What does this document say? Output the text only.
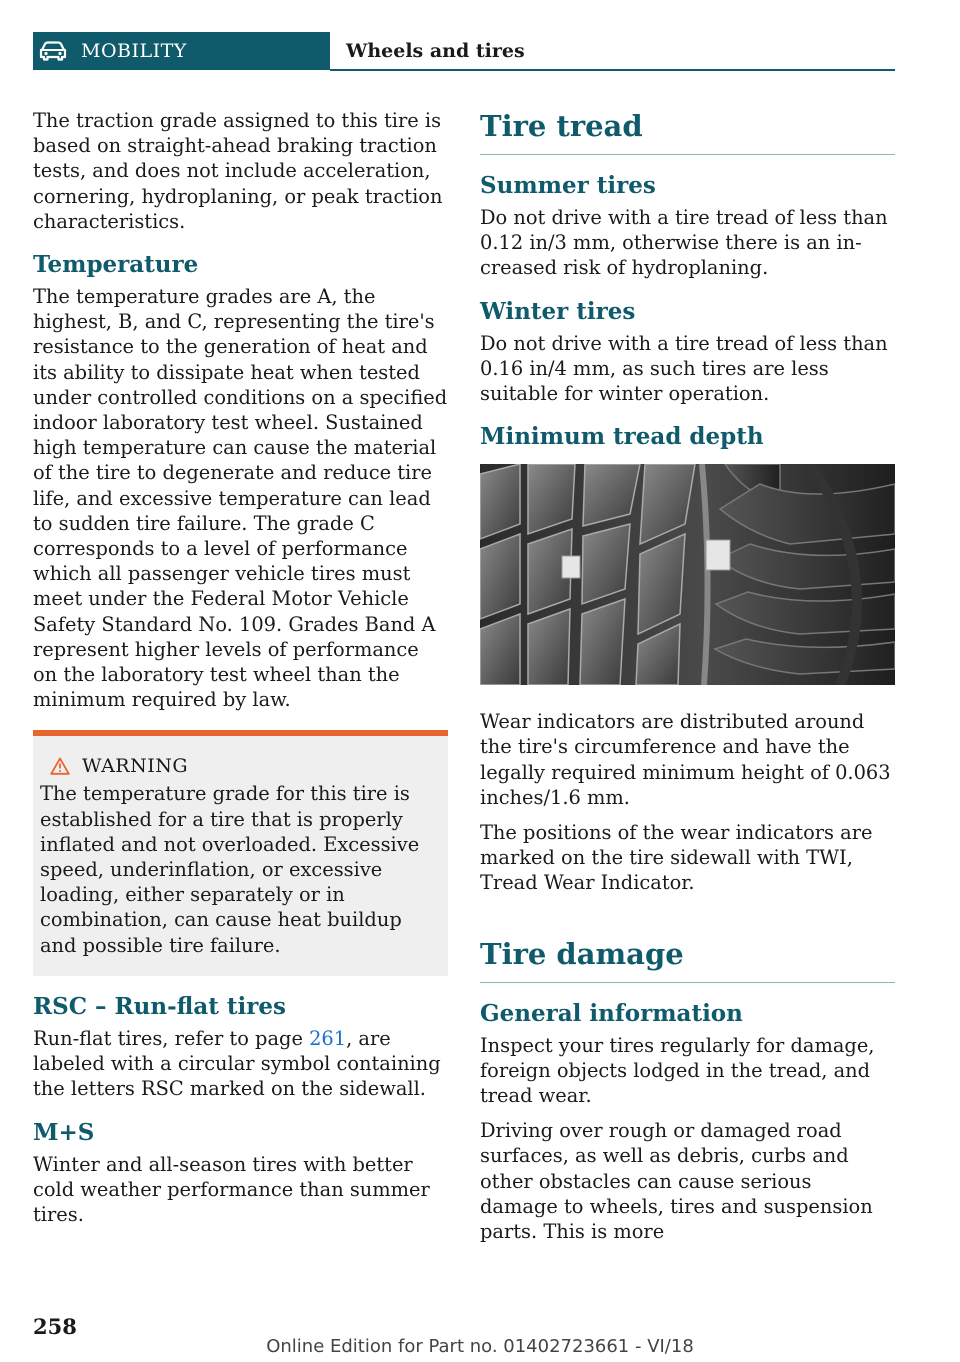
MOBILITY	Wheels and tires

The traction grade assigned to this tire is based on straight-ahead braking traction tests, and does not include acceleration, cornering, hydroplaning, or peak traction characteristics.

Temperature

The temperature grades are A, the highest, B, and C, representing the tire's resistance to the generation of heat and its ability to dissipate heat when tested under controlled conditions on a specified indoor laboratory test wheel. Sustained high temperature can cause the material of the tire to degenerate and reduce tire life, and excessive temperature can lead to sudden tire failure. The grade C corresponds to a level of performance which all passenger vehicle tires must meet under the Federal Motor Vehicle Safety Standard No. 109. Grades Band A represent higher levels of performance on the laboratory test wheel than the minimum required by law.

WARNING

The temperature grade for this tire is established for a tire that is properly inflated and not overloaded. Excessive speed, underinflation, or excessive loading, either separately or in combination, can cause heat buildup and possible tire failure.

RSC – Run-flat tires

Run-flat tires, refer to page 261, are labeled with a circular symbol containing the letters RSC marked on the sidewall.

M+S

Winter and all-season tires with better cold weather performance than summer tires.

Tire tread
Summer tires

Do not drive with a tire tread of less than 0.12 in/3 mm, otherwise there is an increased risk of hydroplaning.

Winter tires

Do not drive with a tire tread of less than 0.16 in/4 mm, as such tires are less suitable for winter operation.

Minimum tread depth

Wear indicators are distributed around the tire's circumference and have the legally required minimum height of 0.063 inches/1.6 mm.

The positions of the wear indicators are marked on the tire sidewall with TWI, Tread Wear Indicator.

Tire damage
General information

Inspect your tires regularly for damage, foreign objects lodged in the tread, and tread wear.

Driving over rough or damaged road surfaces, as well as debris, curbs and other obstacles can cause serious damage to wheels, tires and suspension parts. This is more

258
Online Edition for Part no. 01402723661 - VI/18
